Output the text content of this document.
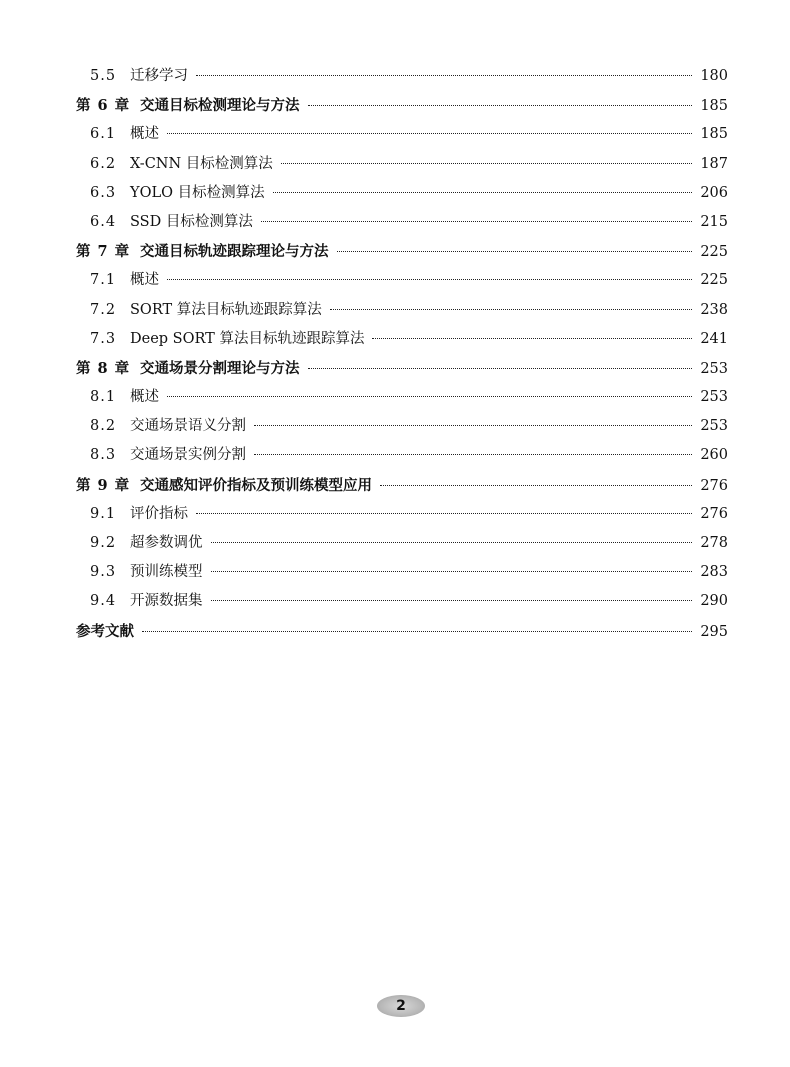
5.5 迁移学习	180
第 6 章 交通目标检测理论与方法	185
6.1 概述	185
6.2 X-CNN 目标检测算法	187
6.3 YOLO 目标检测算法	206
6.4 SSD 目标检测算法	215
第 7 章 交通目标轨迹跟踪理论与方法	225
7.1 概述	225
7.2 SORT 算法目标轨迹跟踪算法	238
7.3 Deep SORT 算法目标轨迹跟踪算法	241
第 8 章 交通场景分割理论与方法	253
8.1 概述	253
8.2 交通场景语义分割	253
8.3 交通场景实例分割	260
第 9 章 交通感知评价指标及预训练模型应用	276
9.1 评价指标	276
9.2 超参数调优	278
9.3 预训练模型	283
9.4 开源数据集	290
参考文献	295
2
